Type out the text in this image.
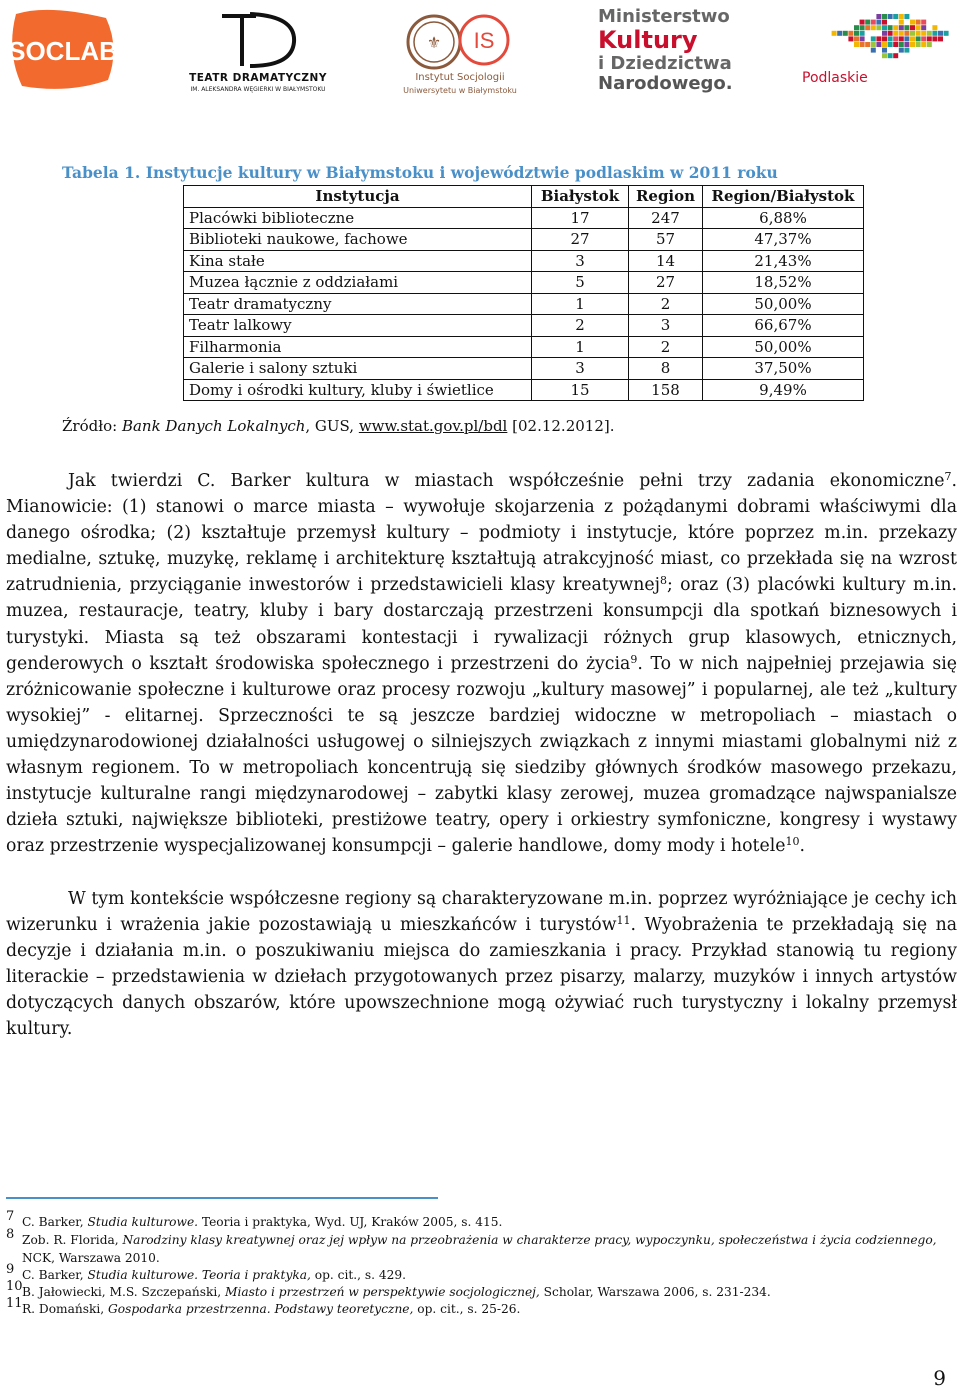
SOCLAB
TEATR DRAMATYCZNY
IM. ALEKSANDRA WĘGIERKI W BIAŁYMSTOKU
⚜ IS
Instytut Socjologii
Uniwersytetu w Białymstoku
Ministerstwo
Kultury
i Dziedzictwa
Narodowego.	Podlaskie
Tabela 1. Instytucje kultury w Białymstoku i województwie podlaskim w 2011 roku
Instytucja	Białystok	Region	Region/Białystok
Placówki biblioteczne	17	247	6,88%
Biblioteki naukowe, fachowe	27	57	47,37%
Kina stałe	3	14	21,43%
Muzea łącznie z oddziałami	5	27	18,52%
Teatr dramatyczny	1	2	50,00%
Teatr lalkowy	2	3	66,67%
Filharmonia	1	2	50,00%
Galerie i salony sztuki	3	8	37,50%
Domy i ośrodki kultury, kluby i świetlice	15	158	9,49%
Źródło: Bank Danych Lokalnych, GUS, www.stat.gov.pl/bdl [02.12.2012].
Jak twierdzi C. Barker kultura w miastach współcześnie pełni trzy zadania ekonomiczne$^7$. Mianowicie: (1) stanowi o marce miasta – wywołuje skojarzenia z pożądanymi dobrami właściwymi dla danego ośrodka; (2) kształtuje przemysł kultury – podmioty i instytucje, które poprzez m.in. przekazy medialne, sztukę, muzykę, reklamę i architekturę kształtują atrakcyjność miast, co przekłada się na wzrost zatrudnienia, przyciąganie inwestorów i przedstawicieli klasy kreatywnej$^8$; oraz (3) placówki kultury m.in. muzea, restauracje, teatry, kluby i bary dostarczają przestrzeni konsumpcji dla spotkań biznesowych i turystyki. Miasta są też obszarami kontestacji i rywalizacji różnych grup klasowych, etnicznych, genderowych o kształt środowiska społecznego i przestrzeni do życia$^9$. To w nich najpełniej przejawia się zróżnicowanie społeczne i kulturowe oraz procesy rozwoju „kultury masowej” i popularnej, ale też „kultury wysokiej” - elitarnej. Sprzeczności te są jeszcze bardziej widoczne w metropoliach – miastach o umiędzynarodowionej działalności usługowej o silniejszych związkach z innymi miastami globalnymi niż z własnym regionem. To w metropoliach koncentrują się siedziby głównych środków masowego przekazu, instytucje kulturalne rangi międzynarodowej – zabytki klasy zerowej, muzea gromadzące najwspanialsze dzieła sztuki, największe biblioteki, prestiżowe teatry, opery i orkiestry symfoniczne, kongresy i wystawy oraz przestrzenie wyspecjalizowanej konsumpcji – galerie handlowe, domy mody i hotele$^{10}$.
W tym kontekście współczesne regiony są charakteryzowane m.in. poprzez wyróżniające je cechy ich wizerunku i wrażenia jakie pozostawiają u mieszkańców i turystów$^{11}$. Wyobrażenia te przekładają się na decyzje i działania m.in. o poszukiwaniu miejsca do zamieszkania i pracy. Przykład stanowią tu regiony literackie – przedstawienia w dziełach przygotowanych przez pisarzy, malarzy, muzyków i innych artystów dotyczących danych obszarów, które upowszechnione mogą ożywiać ruch turystyczny i lokalny przemysł kultury.
7 C. Barker, Studia kulturowe. Teoria i praktyka, Wyd. UJ, Kraków 2005, s. 415.
8 Zob. R. Florida, Narodziny klasy kreatywnej oraz jej wpływ na przeobrażenia w charakterze pracy, wypoczynku, społeczeństwa i życia codziennego, NCK, Warszawa 2010.
9 C. Barker, Studia kulturowe. Teoria i praktyka, op. cit., s. 429.
10 B. Jałowiecki, M.S. Szczepański, Miasto i przestrzeń w perspektywie socjologicznej, Scholar, Warszawa 2006, s. 231-234.
11 R. Domański, Gospodarka przestrzenna. Podstawy teoretyczne, op. cit., s. 25-26.
9
